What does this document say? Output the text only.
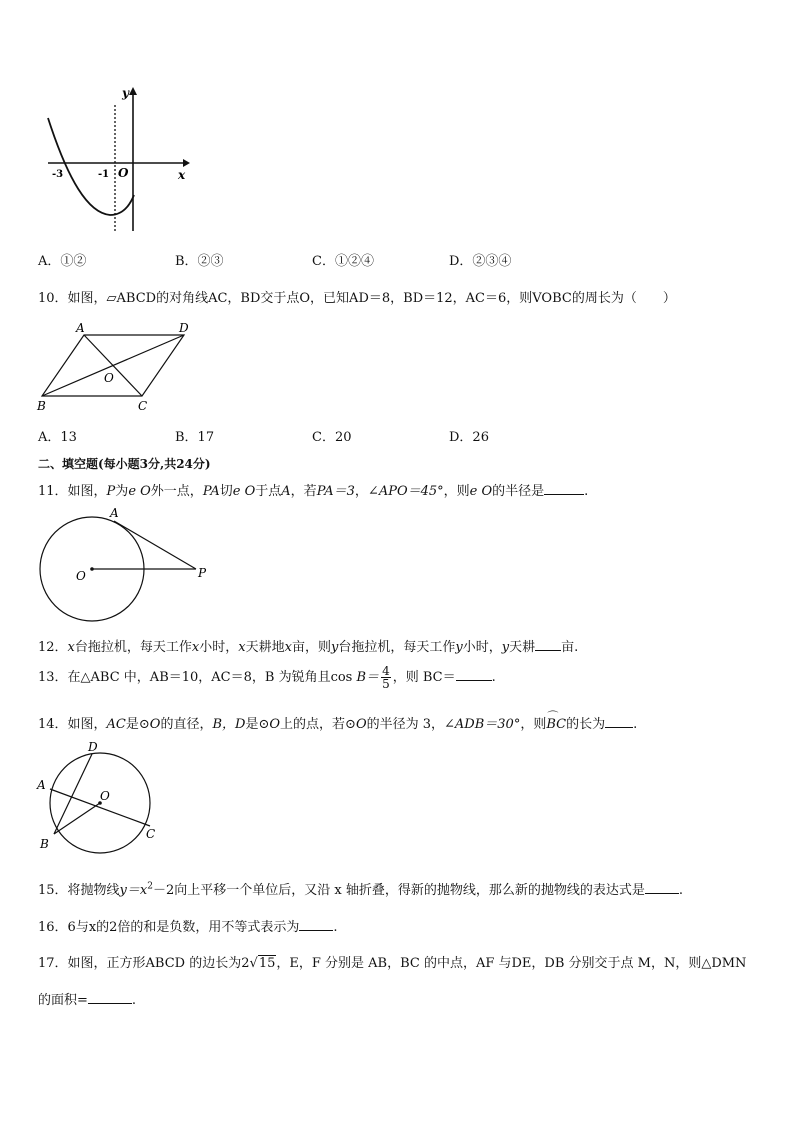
y
x
O
-3	-1
A．①②	B．②③	C．①②④	D．②③④
10．如图，▱ABCD的对角线AC，BD交于点O，已知AD＝8，BD＝12，AC＝6，则VOBC的周长为（　　）
A	D
B	C
O
A．13	B．17	C．20	D．26
二、填空题(每小题3分,共24分)
11．如图，P为e O外一点，PA切e O于点A，若PA＝3，∠APO＝45°，则e O的半径是	.
A
O	P
12．x台拖拉机，每天工作x小时，x天耕地x亩，则y台拖拉机，每天工作y小时，y天耕 亩.
13．在△ABC 中，AB＝10，AC＝8，B 为锐角且$\cos B= \frac{4}{5}$ ，则 BC＝	.
14．如图，AC是⊙O的直径，B，D是⊙O上的点，若⊙O的半径为 3，∠ADB＝30°，则⌒ BC的长为 .
D
A
O
B
C
15．将抛物线$y=x^2-2$向上平移一个单位后，又沿 x 轴折叠，得新的抛物线，那么新的抛物线的表达式是	.
16．6与x的2倍的和是负数，用不等式表示为	.
17．如图，正方形ABCD 的边长为2√15，E，F 分别是 AB，BC 的中点，AF 与DE，DB 分别交于点 M，N，则△DMN
的面积=	.
